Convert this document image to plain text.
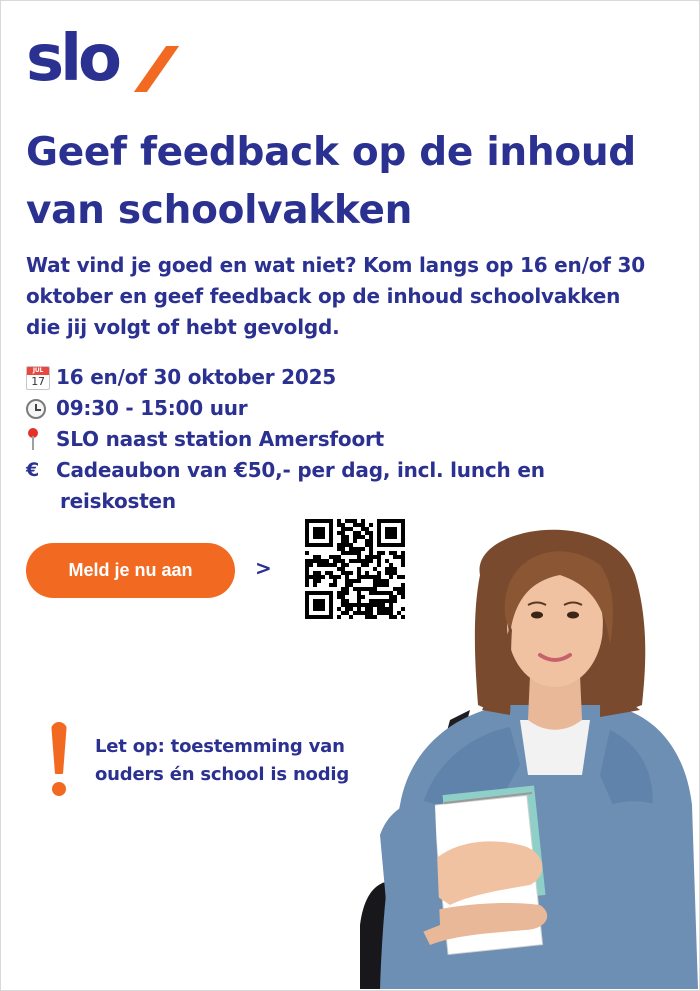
slo
Geef feedback op de inhoud van schoolvakken
Wat vind je goed en wat niet? Kom langs op 16 en/of 30 oktober en geef feedback op de inhoud schoolvakken die jij volgt of hebt gevolgd.
JUL
17 16 en/of 30 oktober 2025
09:30 - 15:00 uur
SLO naast station Amersfoort
€ Cadeaubon van €50,- per dag, incl. lunch en
reiskosten
Meld je nu aan	>
Let op: toestemming van
ouders én school is nodig
